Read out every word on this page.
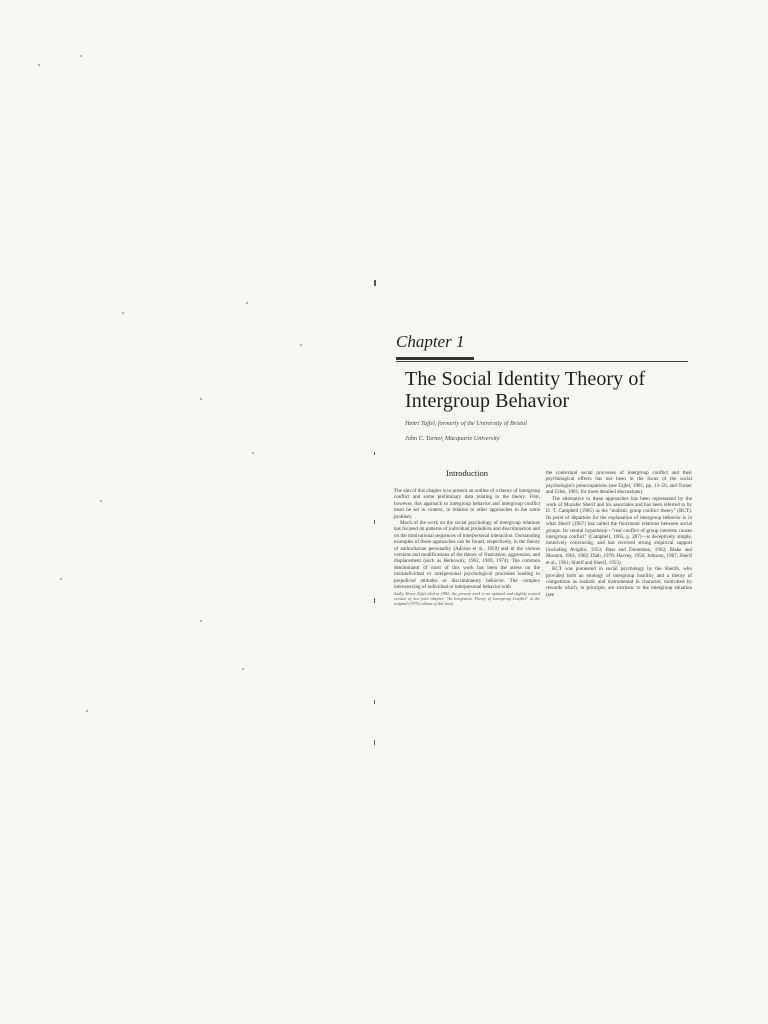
Chapter 1
The Social Identity Theory of
Intergroup Behavior
Henri Tajfel, formerly of the University of Bristol
John C. Turner, Macquarie University
Introduction

The aim of this chapter is to present an outline of a theory of intergroup conflict and some preliminary data relating to the theory. First, however, this approach to intergroup behavior and intergroup conflict must be set in context, in relation to other approaches to the same problem.

Much of the work on the social psychology of intergroup relations has focused on patterns of individual prejudices and discrimination and on the motivational sequences of interpersonal interaction. Outstanding examples of these approaches can be found, respectively, in the theory of authoritarian personality (Adorno et al., 1950) and in the various versions and modifications of the theory of frustration, aggression, and displacement (such as Berkowitz, 1962, 1969, 1974). The common denominator of most of this work has been the stress on the intraindividual or interpersonal psychological processes leading to prejudiced attitudes or discriminatory behavior. The complex interweaving of individual or interpersonal behavior with

Sadly, Henri Tajfel died in 1982; the present work is an updated and slightly revised version of our joint chapter, "An Integrative Theory of Intergroup Conflict" in the original (1979) edition of this book.

the contextual social processes of intergroup conflict and their psychological effects has not been in the focus of the social psychologist's preoccupations (see Tajfel, 1981, pp. 13–56, and Turner and Giles, 1981, for more detailed discussions).

The alternative to these approaches has been represented by the work of Muzafer Sherif and his associates and has been referred to by D. T. Campbell (1965) as the "realistic group conflict theory" (RCT). Its point of departure for the explanation of intergroup behavior is in what Sherif (1967) has called the functional relations between social groups. Its central hypothesis—"real conflict of group interests causes intergroup conflict" (Campbell, 1965, p. 287)—is deceptively simple, intuitively convincing, and has received strong empirical support (including Avigdor, 1953; Bass and Dunteman, 1963; Blake and Mouton, 1961, 1962; Diab, 1970; Harvey, 1956; Johnson, 1967; Sherif et al., 1961; Sherif and Sherif, 1953).

RCT was pioneered in social psychology by the Sherifs, who provided both an etiology of intergroup hostility and a theory of competition as realistic and instrumental in character, motivated by rewards which, in principle, are extrinsic to the intergroup situation (see
